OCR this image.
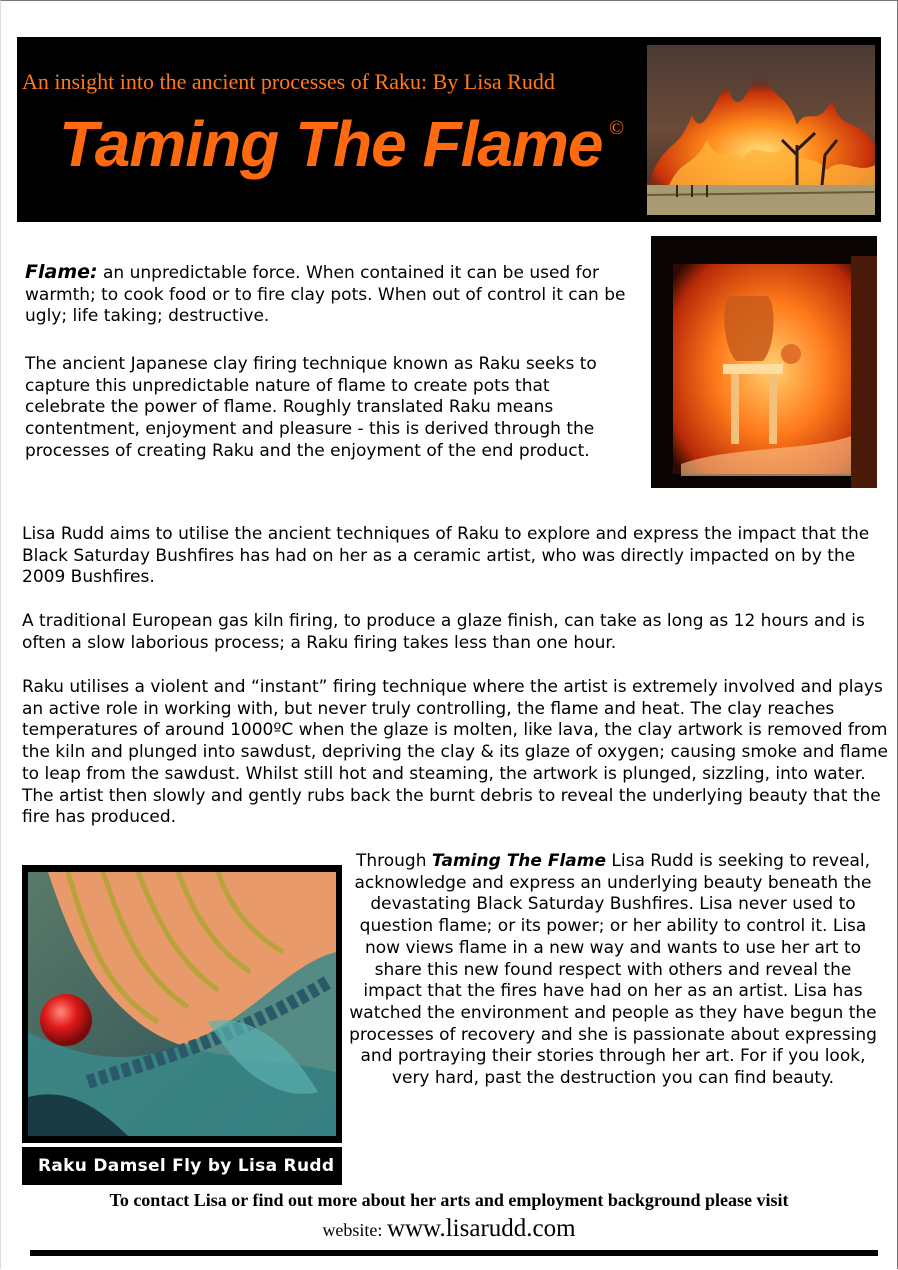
An insight into the ancient processes of Raku: By Lisa Rudd

Taming The Flame ©

Flame: an unpredictable force. When contained it can be used for warmth; to cook food or to fire clay pots. When out of control it can be ugly; life taking; destructive.

The ancient Japanese clay firing technique known as Raku seeks to capture this unpredictable nature of flame to create pots that celebrate the power of flame. Roughly translated Raku means contentment, enjoyment and pleasure - this is derived through the processes of creating Raku and the enjoyment of the end product.

Lisa Rudd aims to utilise the ancient techniques of Raku to explore and express the impact that the Black Saturday Bushfires has had on her as a ceramic artist, who was directly impacted on by the 2009 Bushfires.

A traditional European gas kiln firing, to produce a glaze finish, can take as long as 12 hours and is often a slow laborious process; a Raku firing takes less than one hour.

Raku utilises a violent and “instant” firing technique where the artist is extremely involved and plays an active role in working with, but never truly controlling, the flame and heat. The clay reaches temperatures of around 1000ºC when the glaze is molten, like lava, the clay artwork is removed from the kiln and plunged into sawdust, depriving the clay & its glaze of oxygen; causing smoke and flame to leap from the sawdust. Whilst still hot and steaming, the artwork is plunged, sizzling, into water. The artist then slowly and gently rubs back the burnt debris to reveal the underlying beauty that the fire has produced.

Raku Damsel Fly by Lisa Rudd

Through Taming The Flame Lisa Rudd is seeking to reveal, acknowledge and express an underlying beauty beneath the devastating Black Saturday Bushfires. Lisa never used to question flame; or its power; or her ability to control it. Lisa now views flame in a new way and wants to use her art to share this new found respect with others and reveal the impact that the fires have had on her as an artist. Lisa has watched the environment and people as they have begun the processes of recovery and she is passionate about expressing and portraying their stories through her art. For if you look, very hard, past the destruction you can find beauty.

To contact Lisa or find out more about her arts and employment background please visit

website: www.lisarudd.com
